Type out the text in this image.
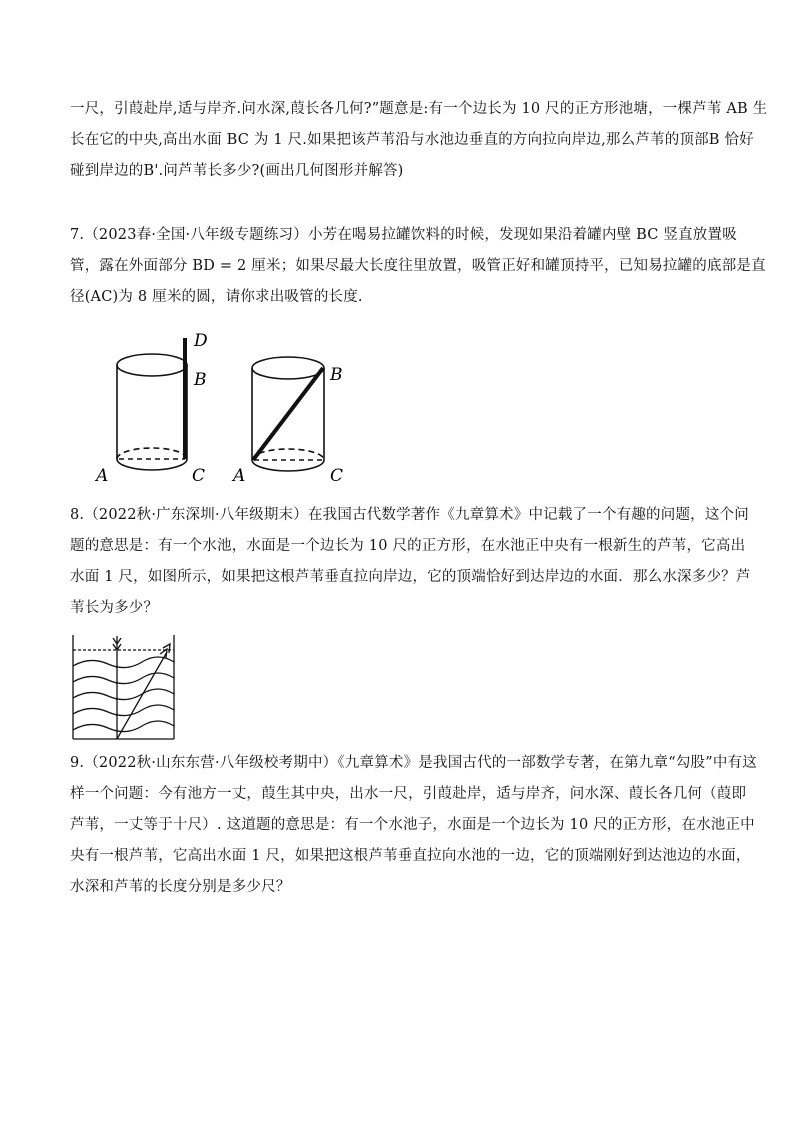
一尺，引葭赴岸,适与岸齐.问水深,葭长各几何?”题意是:有一个边长为 10 尺的正方形池塘，一棵芦苇 AB 生
长在它的中央,高出水面 BC 为 1 尺.如果把该芦苇沿与水池边垂直的方向拉向岸边,那么芦苇的顶部B 恰好
碰到岸边的B'.问芦苇长多少?(画出几何图形并解答)
7.（2023春·全国·八年级专题练习）小芳在喝易拉罐饮料的时候，发现如果沿着罐内壁 BC 竖直放置吸
管，露在外面部分 BD = 2 厘米；如果尽最大长度往里放置，吸管正好和罐顶持平，已知易拉罐的底部是直
径(AC)为 8 厘米的圆，请你求出吸管的长度.
D
B
A	C
B
A	C
8.（2022秋·广东深圳·八年级期末）在我国古代数学著作《九章算术》中记载了一个有趣的问题，这个问
题的意思是：有一个水池，水面是一个边长为 10 尺的正方形，在水池正中央有一根新生的芦苇，它高出
水面 1 尺，如图所示，如果把这根芦苇垂直拉向岸边，它的顶端恰好到达岸边的水面．那么水深多少？芦
苇长为多少？
9.（2022秋·山东东营·八年级校考期中）《九章算术》是我国古代的一部数学专著，在第九章“勾股”中有这
样一个问题：今有池方一丈，葭生其中央，出水一尺，引葭赴岸，适与岸齐，问水深、葭长各几何（葭即
芦苇，一丈等于十尺）. 这道题的意思是：有一个水池子，水面是一个边长为 10 尺的正方形，在水池正中
央有一根芦苇，它高出水面 1 尺，如果把这根芦苇垂直拉向水池的一边，它的顶端刚好到达池边的水面，
水深和芦苇的长度分别是多少尺？
